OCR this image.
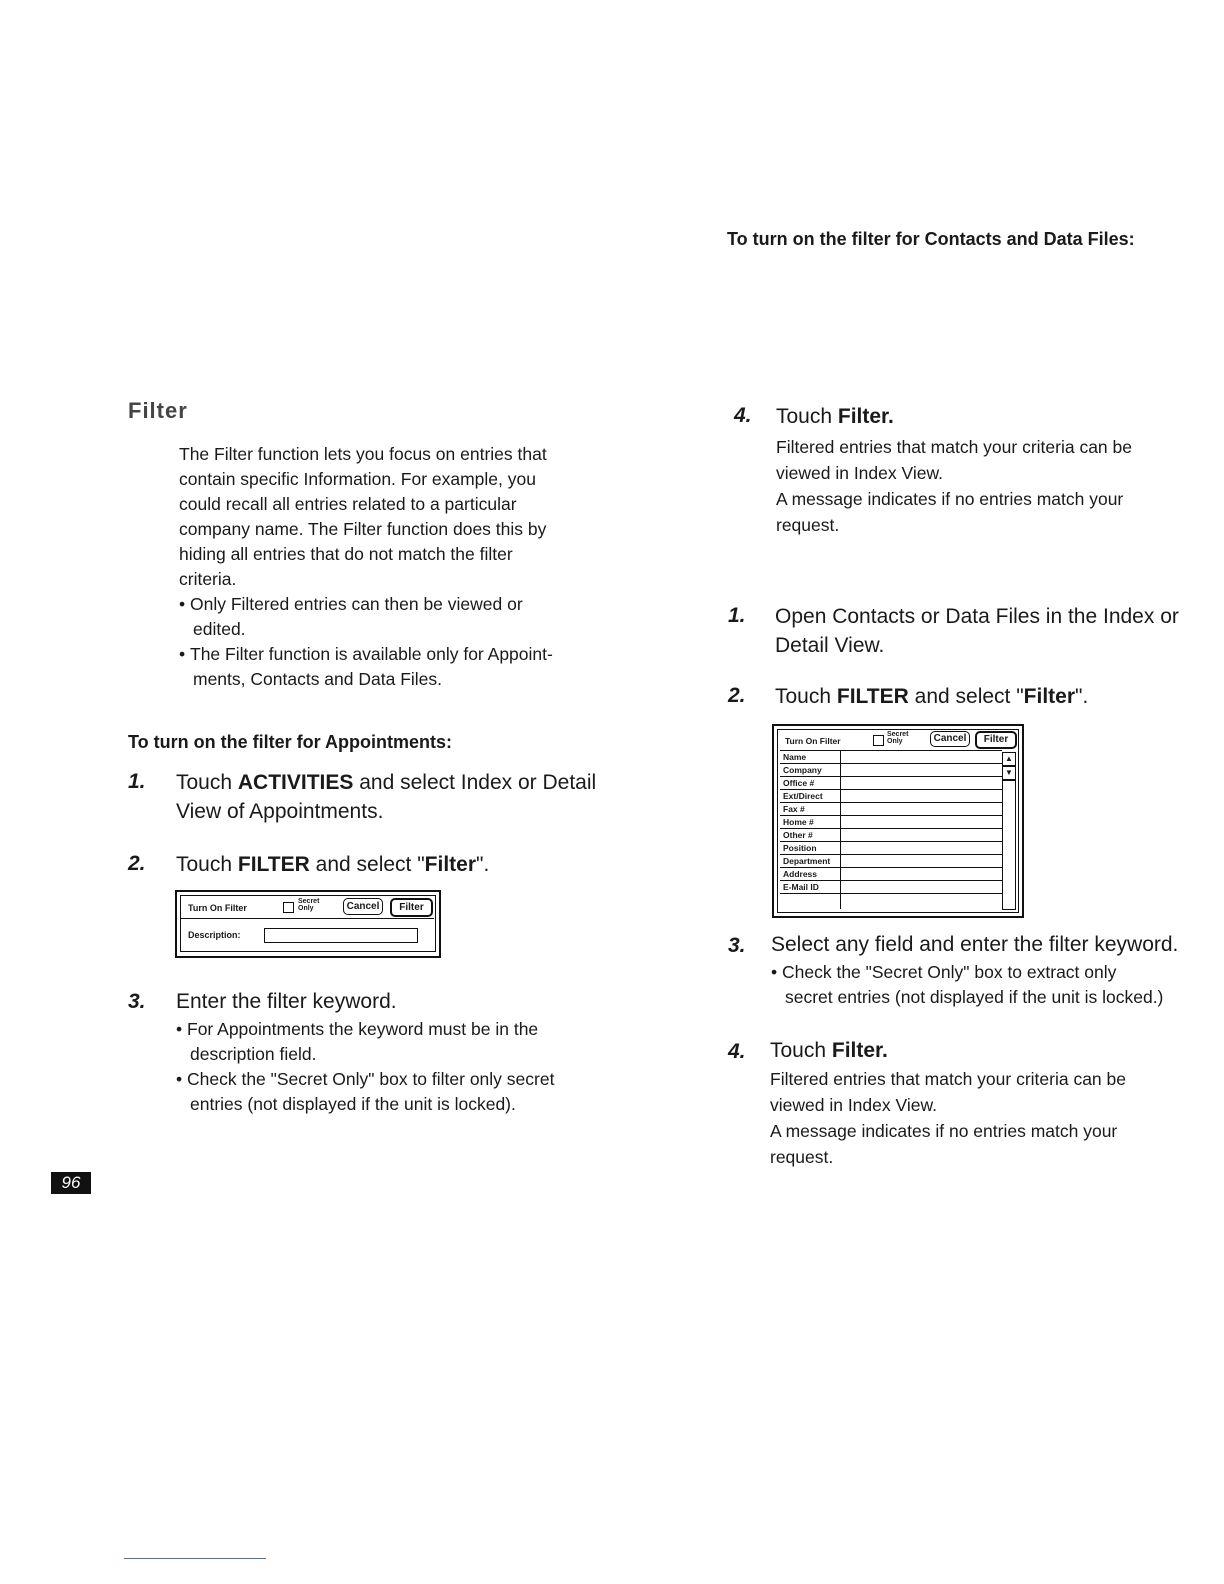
Filter
The Filter function lets you focus on entries that
contain specific Information. For example, you
could recall all entries related to a particular
company name. The Filter function does this by
hiding all entries that do not match the filter
criteria.
• Only Filtered entries can then be viewed or
edited.
• The Filter function is available only for Appoint-
ments, Contacts and Data Files.
To turn on the filter for Appointments:
1. Touch ACTIVITIES and select Index or Detail
View of Appointments.
2. Touch FILTER and select "Filter".
Turn On Filter
Secret
Only	Cancel	Filter
Description:
3. Enter the filter keyword.
• For Appointments the keyword must be in the
description field.
• Check the "Secret Only" box to filter only secret
entries (not displayed if the unit is locked).
4. Touch Filter.
Filtered entries that match your criteria can be
viewed in Index View.
A message indicates if no entries match your
request.
To turn on the filter for Contacts and Data Files:
1. Open Contacts or Data Files in the Index or
Detail View.
2. Touch FILTER and select "Filter".
Turn On Filter
Secret
Only	Cancel	Filter
Name
Company
Office #
Ext/Direct
Fax #
Home #
Other #
Position
Department
Address
E-Mail ID
▲
▼
3. Select any field and enter the filter keyword.
• Check the "Secret Only" box to extract only
secret entries (not displayed if the unit is locked.)
4. Touch Filter.
Filtered entries that match your criteria can be
viewed in Index View.
A message indicates if no entries match your
request.
96
